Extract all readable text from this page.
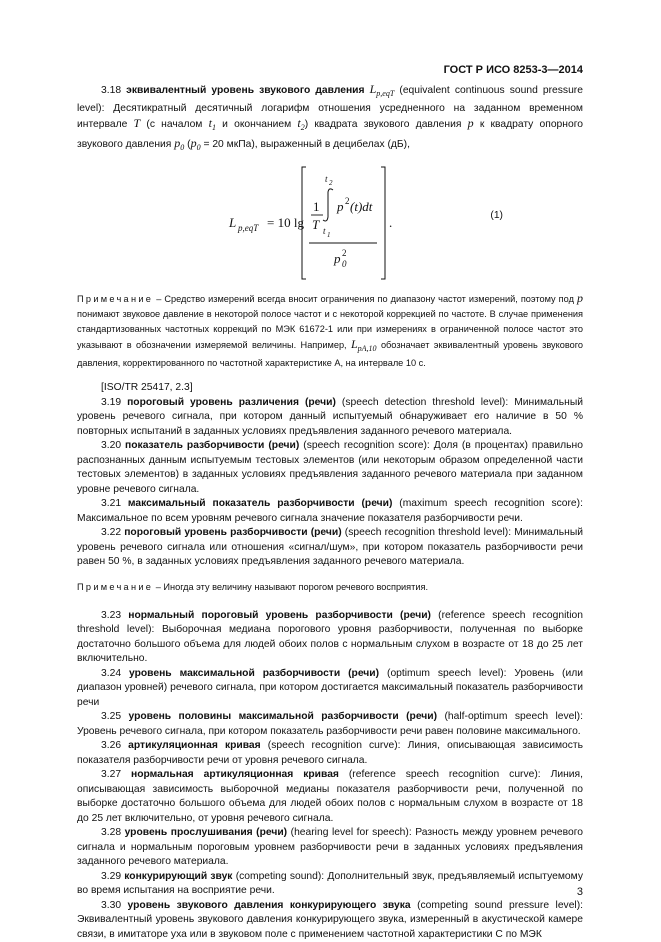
ГОСТ Р ИСО 8253-3—2014

3.18 эквивалентный уровень звукового давления $L_{p,eqT}$ (equivalent continuous sound pressure level): Десятикратный десятичный логарифм отношения усредненного на заданном временном интервале T (с началом $t_1$ и окончанием $t_2$) квадрата звукового давления p к квадрату опорного звукового давления $p_0$ ($p_0 = 20$ мкПа), выраженный в децибелах (дБ),

L p,eqT = 10 lg
1
T
t 2
t 1
p 2 (t)dt
p 0
2
.	(1)

Примечание – Средство измерений всегда вносит ограничения по диапазону частот измерений, поэтому под p понимают звуковое давление в некоторой полосе частот и с некоторой коррекцией по частоте. В случае применения стандартизованных частотных коррекций по МЭК 61672-1 или при измерениях в ограниченной полосе частот это указывают в обозначении измеряемой величины. Например, LpA,10 обозначает эквивалентный уровень звукового давления, корректированного по частотной характеристике А, на интервале 10 с.

[ISO/TR 25417, 2.3]

3.19 пороговый уровень различения (речи) (speech detection threshold level): Минимальный уровень речевого сигнала, при котором данный испытуемый обнаруживает его наличие в 50 % повторных испытаний в заданных условиях предъявления заданного речевого материала.

3.20 показатель разборчивости (речи) (speech recognition score): Доля (в процентах) правильно распознанных данным испытуемым тестовых элементов (или некоторым образом определенной части тестовых элементов) в заданных условиях предъявления заданного речевого материала при заданном уровне речевого сигнала.

3.21 максимальный показатель разборчивости (речи) (maximum speech recognition score): Максимальное по всем уровням речевого сигнала значение показателя разборчивости речи.

3.22 пороговый уровень разборчивости (речи) (speech recognition threshold level): Минимальный уровень речевого сигнала или отношения «сигнал/шум», при котором показатель разборчивости речи равен 50 %, в заданных условиях предъявления заданного речевого материала.

Примечание – Иногда эту величину называют порогом речевого восприятия.

3.23 нормальный пороговый уровень разборчивости (речи) (reference speech recognition threshold level): Выборочная медиана порогового уровня разборчивости, полученная по выборке достаточно большого объема для людей обоих полов с нормальным слухом в возрасте от 18 до 25 лет включительно.

3.24 уровень максимальной разборчивости (речи) (optimum speech level): Уровень (или диапазон уровней) речевого сигнала, при котором достигается максимальный показатель разборчивости речи

3.25 уровень половины максимальной разборчивости (речи) (half-optimum speech level): Уровень речевого сигнала, при котором показатель разборчивости речи равен половине максимального.

3.26 артикуляционная кривая (speech recognition curve): Линия, описывающая зависимость показателя разборчивости речи от уровня речевого сигнала.

3.27 нормальная артикуляционная кривая (reference speech recognition curve): Линия, описывающая зависимость выборочной медианы показателя разборчивости речи, полученной по выборке достаточно большого объема для людей обоих полов с нормальным слухом в возрасте от 18 до 25 лет включительно, от уровня речевого сигнала.

3.28 уровень прослушивания (речи) (hearing level for speech): Разность между уровнем речевого сигнала и нормальным пороговым уровнем разборчивости речи в заданных условиях предъявления заданного речевого материала.

3.29 конкурирующий звук (competing sound): Дополнительный звук, предъявляемый испытуемому во время испытания на восприятие речи.

3.30 уровень звукового давления конкурирующего звука (competing sound pressure level): Эквивалентный уровень звукового давления конкурирующего звука, измеренный в акустической камере связи, в имитаторе уха или в звуковом поле с применением частотной характеристики С по МЭК

3
